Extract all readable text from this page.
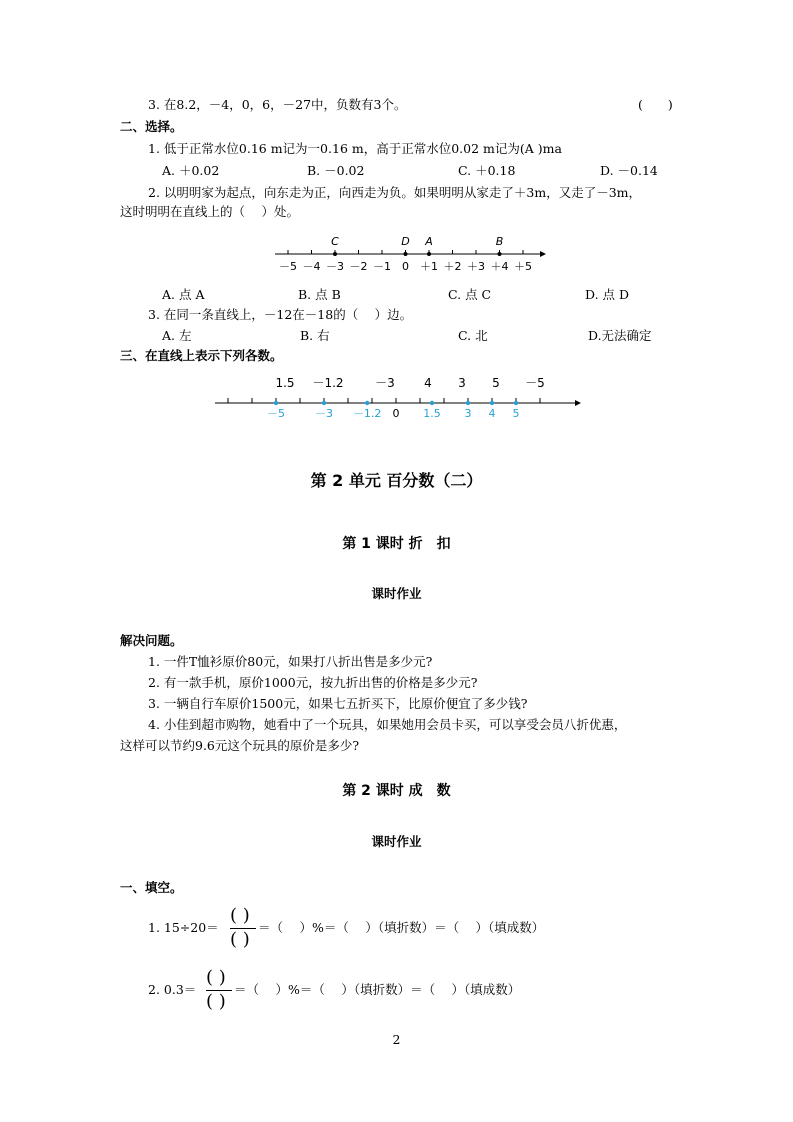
3. 在8.2，－4，0，6，－27中，负数有3个。	(　　)
二、选择。
1. 低于正常水位0.16 m记为一0.16 m，高于正常水位0.02 m记为(A )ma
A. ＋0.02	B. －0.02	C. ＋0.18	D. －0.14
2. 以明明家为起点，向东走为正，向西走为负。如果明明从家走了＋3m，又走了－3m，
这时明明在直线上的（　 ）处。
－5 －4 －3 －2 －1 0 ＋1 ＋2 ＋3 ＋4 ＋5
C	D A	B
A. 点 A	B. 点 B	C. 点 C	D. 点 D
3. 在同一条直线上，－12在－18的（　 ）边。
A. 左	B. 右	C. 北	D.无法确定
三、在直线上表示下列各数。
1.5 －1.2	－3 4 3 5 －5
－5	－3 －1.2 0 1.5 3 4 5
第 2 单元 百分数（二）
第 1 课时 折　扣
课时作业
解决问题。
1. 一件T恤衫原价80元，如果打八折出售是多少元?
2. 有一款手机，原价1000元，按九折出售的价格是多少元?
3. 一辆自行车原价1500元，如果七五折买下，比原价便宜了多少钱?
4. 小佳到超市购物，她看中了一个玩具，如果她用会员卡买，可以享受会员八折优惠，
这样可以节约9.6元这个玩具的原价是多少?
第 2 课时 成　数
课时作业
一、填空。
1. 15÷20＝
( )
( )
＝（　 ）%＝（　 ）（填折数）＝（　 ）（填成数）
2. 0.3＝
( )
( )
＝（　 ）%＝（　 ）（填折数）＝（　 ）（填成数）
2
